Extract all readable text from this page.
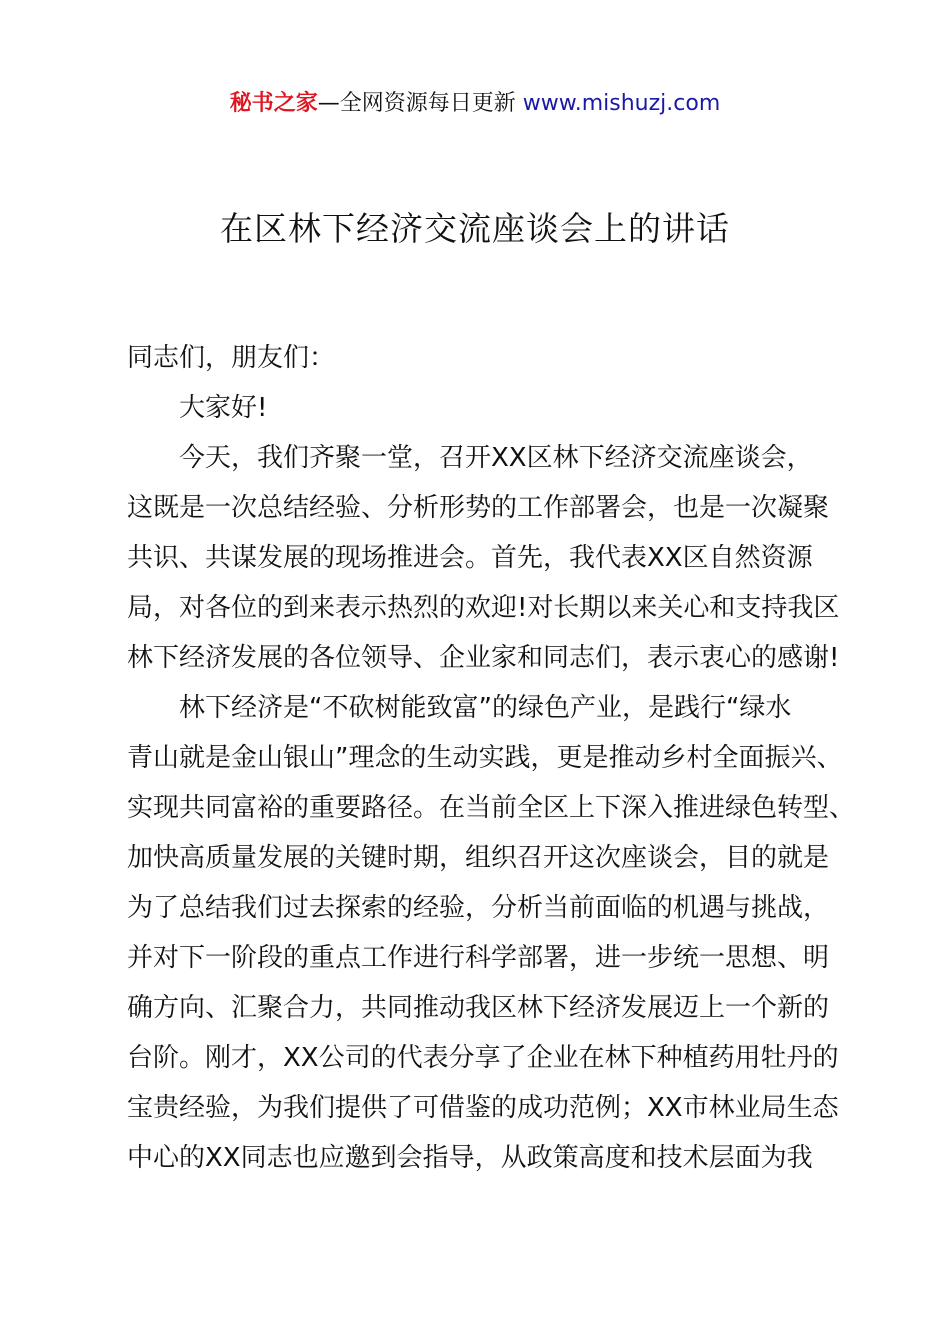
秘书之家—全网资源每日更新 www.mishuzj.com
在区林下经济交流座谈会上的讲话
同志们，朋友们：
大家好!
今天，我们齐聚一堂，召开XX区林下经济交流座谈会，
这既是一次总结经验、分析形势的工作部署会，也是一次凝聚
共识、共谋发展的现场推进会。首先，我代表XX区自然资源
局，对各位的到来表示热烈的欢迎!对长期以来关心和支持我区
林下经济发展的各位领导、企业家和同志们，表示衷心的感谢!
林下经济是“不砍树能致富”的绿色产业，是践行“绿水
青山就是金山银山”理念的生动实践，更是推动乡村全面振兴、
实现共同富裕的重要路径。在当前全区上下深入推进绿色转型、
加快高质量发展的关键时期，组织召开这次座谈会，目的就是
为了总结我们过去探索的经验，分析当前面临的机遇与挑战，
并对下一阶段的重点工作进行科学部署，进一步统一思想、明
确方向、汇聚合力，共同推动我区林下经济发展迈上一个新的
台阶。刚才，XX公司的代表分享了企业在林下种植药用牡丹的
宝贵经验，为我们提供了可借鉴的成功范例；XX市林业局生态
中心的XX同志也应邀到会指导，从政策高度和技术层面为我
